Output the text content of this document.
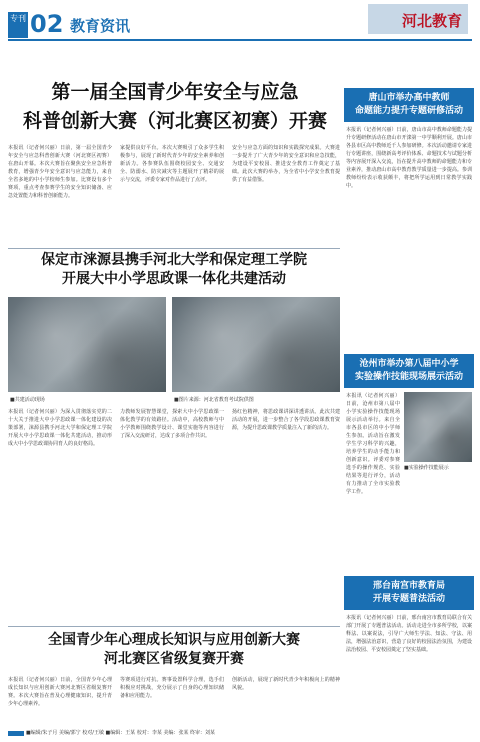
专刊 02 教育资讯	河北教育
第一届全国青少年安全与应急
科普创新大赛（河北赛区初赛）开赛
本报讯（记者何兴丽）日前，第一届全国青少年安全与应急科普创新大赛（河北赛区初赛）在唐山开幕。本次大赛旨在聚焦安全应急科普教育，增强青少年安全意识与应急能力，来自全省多地的中小学校师生参加。比赛设有多个赛项，重点考查参赛学生的安全知识储备、应急处置能力和科普创新能力。
家提供良好平台。本次大赛吸引了众多学生积极参与，展现了新时代青少年的安全素养和创新活力。各参赛队伍围绕校园安全、交通安全、防溺水、防灾减灾等主题展开了精彩的展示与交流，评委专家对作品进行了点评。
安全与应急方面的知识和实践探究成果。大赛进一步提升了广大青少年的安全意识和应急技能，为建设平安校园、推进安全教育工作奠定了基础。此次大赛的举办，为全省中小学安全教育提供了有益借鉴。
保定市涞源县携手河北大学和保定理工学院
开展大中小学思政课一体化共建活动
■共建活动现场	■图片来源：河北省教育考试院供图
本报讯（记者何兴丽）为深入贯彻落实党的二十大关于推进大中小学思政课一体化建设的决策部署，涞源县携手河北大学和保定理工学院开展大中小学思政课一体化共建活动，推动形成大中小学思政课协同育人的良好格局。
力教师发展智慧课堂，探索大中小学思政课一体化教学的有效路径。活动中，高校教师与中小学教师围绕教学设计、课堂实施等内容进行了深入交流研讨，达成了多项合作共识。
扬红色精神，将思政课讲深讲透讲活。此次共建活动的开展，进一步整合了各学段思政课教育资源，为提升思政课教学质量注入了新的活力。
全国青少年心理成长知识与应用创新大赛
河北赛区省级复赛开赛
本报讯（记者何兴丽）日前，全国青少年心理成长知识与应用创新大赛河北赛区省级复赛开赛。本次大赛旨在普及心理健康知识，提升青少年心理素养。
等赛项进行对抗。赛事设置科学合理，选手们积极应对挑战，充分展示了自身的心理知识储备和应用能力。
创新活动，展现了新时代青少年积极向上的精神风貌。
唐山市举办高中教师
命题能力提升专题研修活动
本报讯（记者何兴丽）日前，唐山市高中教师命题能力提升专题研修活动在唐山市开滦第一中学顺利开展。唐山市各县市区高中教师近千人参加研修。本次活动邀请专家进行专题讲座，围绕新高考评价体系、命题技术与试题分析等内容展开深入交流，旨在提升高中教师的命题能力和专业素养，推动唐山市高中教育教学质量进一步提高。参训教师纷纷表示收获颇丰，将把所学运用到日常教学实践中。
沧州市举办第八届中小学
实验操作技能现场展示活动
本报讯（记者何兴丽）日前，沧州市第八届中小学实验操作技能现场展示活动举行。来自全市各县市区的中小学师生参加。活动旨在激发学生学习科学的兴趣，培养学生的动手能力和创新意识。评委对参赛选手的操作规范、实验结果等进行评分，活动有力推动了全市实验教学工作。
■实验操作技能展示
邢台南宫市教育局
开展专题普法活动
本报讯（记者何兴丽）日前，邢台南宫市教育局联合有关部门开展了专题普法活动。活动走进全市多所学校，以案释法、以案说法，引导广大师生学法、知法、守法、用法，增强法治意识，营造了良好的校园法治氛围，为建设法治校园、平安校园奠定了坚实基础。
■编辑/朱子月 美编/郭宁 校对/王敏 ■编辑：王某 校对：李某 美编：张某 终审：刘某
